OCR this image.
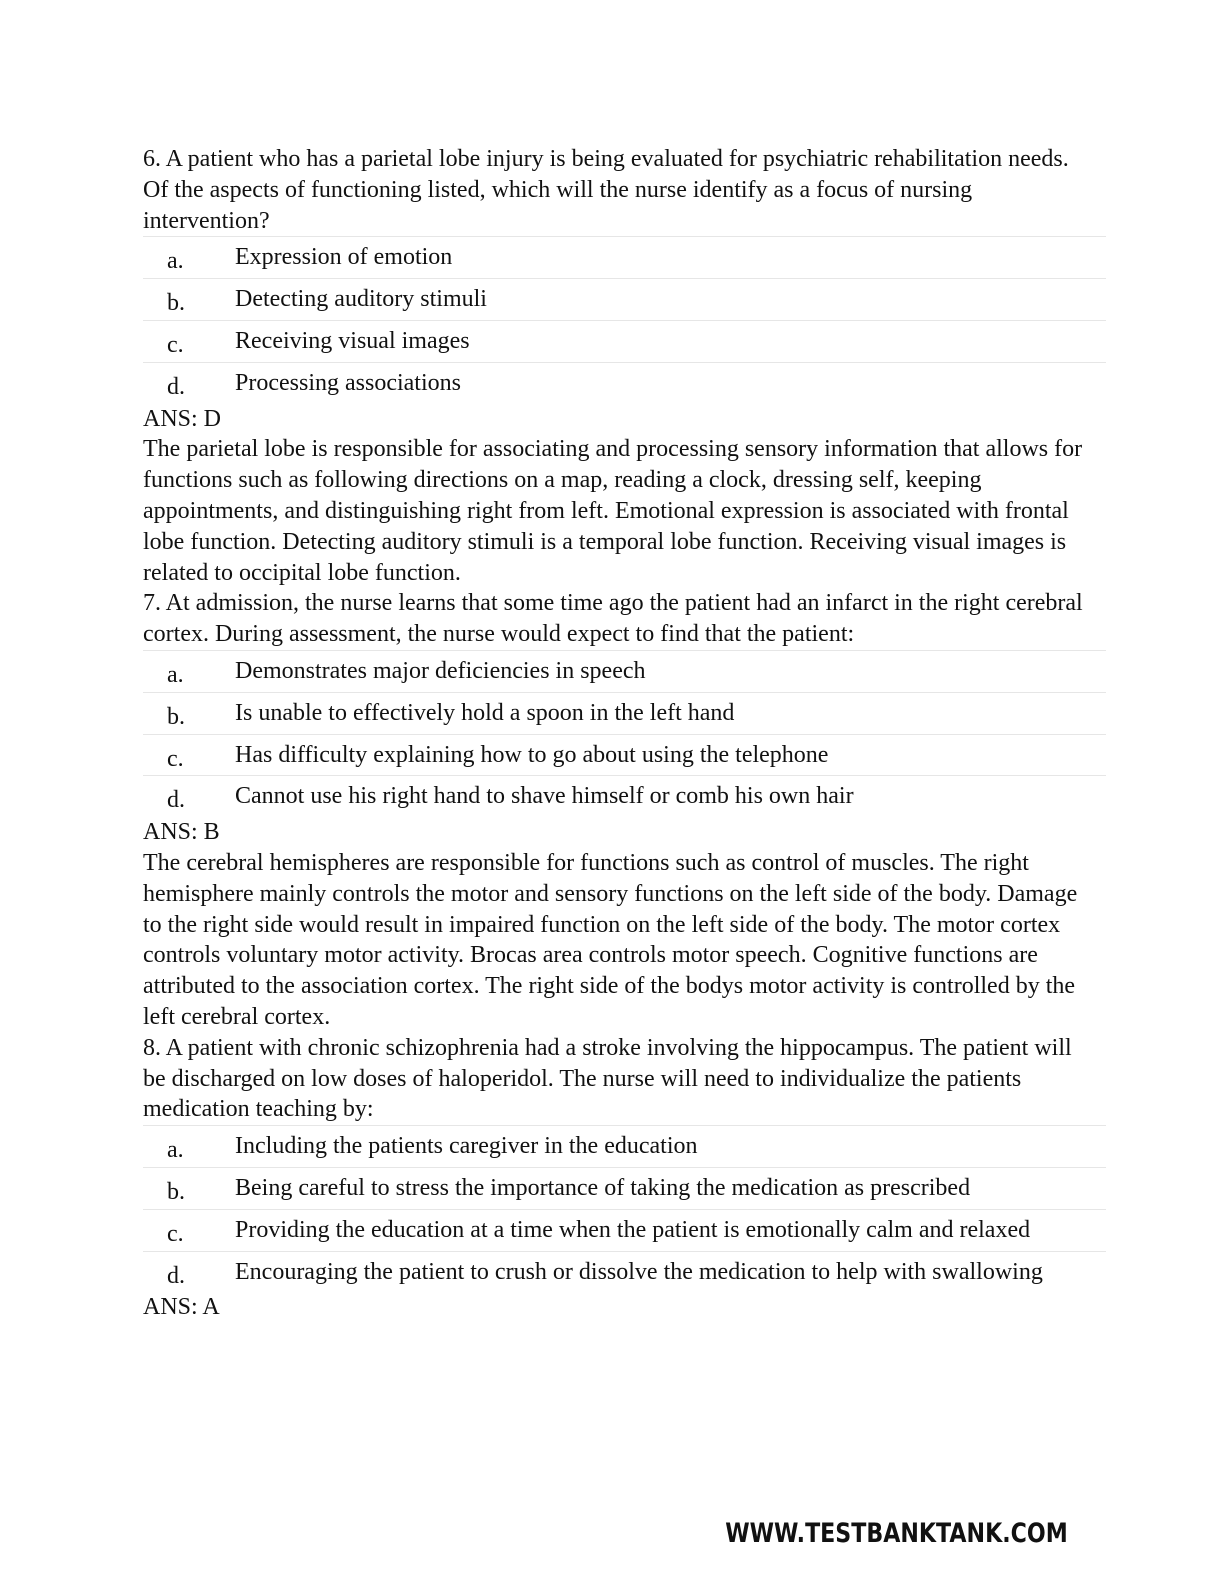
6. A patient who has a parietal lobe injury is being evaluated for psychiatric rehabilitation needs. Of the aspects of functioning listed, which will the nurse identify as a focus of nursing intervention?

a.	Expression of emotion
b.	Detecting auditory stimuli
c.	Receiving visual images
d.	Processing associations

ANS: D

The parietal lobe is responsible for associating and processing sensory information that allows for functions such as following directions on a map, reading a clock, dressing self, keeping appointments, and distinguishing right from left. Emotional expression is associated with frontal lobe function. Detecting auditory stimuli is a temporal lobe function. Receiving visual images is related to occipital lobe function.

7. At admission, the nurse learns that some time ago the patient had an infarct in the right cerebral cortex. During assessment, the nurse would expect to find that the patient:

a.	Demonstrates major deficiencies in speech
b.	Is unable to effectively hold a spoon in the left hand
c.	Has difficulty explaining how to go about using the telephone
d.	Cannot use his right hand to shave himself or comb his own hair

ANS: B

The cerebral hemispheres are responsible for functions such as control of muscles. The right hemisphere mainly controls the motor and sensory functions on the left side of the body. Damage to the right side would result in impaired function on the left side of the body. The motor cortex controls voluntary motor activity. Brocas area controls motor speech. Cognitive functions are attributed to the association cortex. The right side of the bodys motor activity is controlled by the left cerebral cortex.

8. A patient with chronic schizophrenia had a stroke involving the hippocampus. The patient will be discharged on low doses of haloperidol. The nurse will need to individualize the patients medication teaching by:

a.	Including the patients caregiver in the education
b.	Being careful to stress the importance of taking the medication as prescribed
c.	Providing the education at a time when the patient is emotionally calm and relaxed
d.	Encouraging the patient to crush or dissolve the medication to help with swallowing

ANS: A

WWW.TESTBANKTANK.COM
